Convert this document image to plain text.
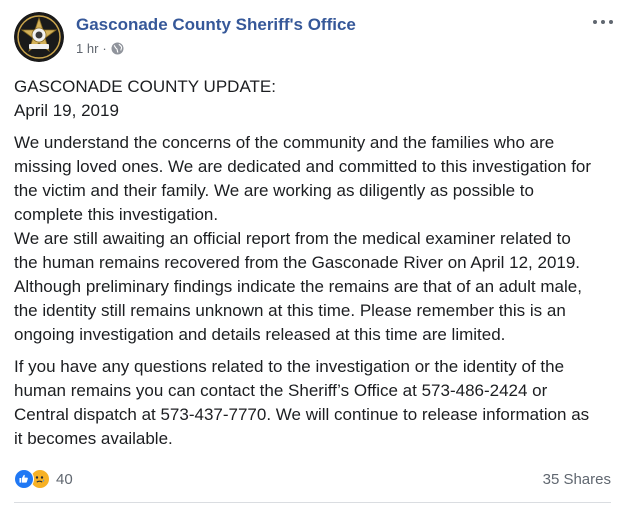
Gasconade County Sheriff's Office
1 hr ·

GASCONADE COUNTY UPDATE:
April 19, 2019

We understand the concerns of the community and the families who are
missing loved ones. We are dedicated and committed to this investigation for
the victim and their family. We are working as diligently as possible to
complete this investigation.
We are still awaiting an official report from the medical examiner related to
the human remains recovered from the Gasconade River on April 12, 2019.
Although preliminary findings indicate the remains are that of an adult male,
the identity still remains unknown at this time. Please remember this is an
ongoing investigation and details released at this time are limited.

If you have any questions related to the investigation or the identity of the
human remains you can contact the Sheriff’s Office at 573-486-2424 or
Central dispatch at 573-437-7770. We will continue to release information as
it becomes available.

40	35 Shares
